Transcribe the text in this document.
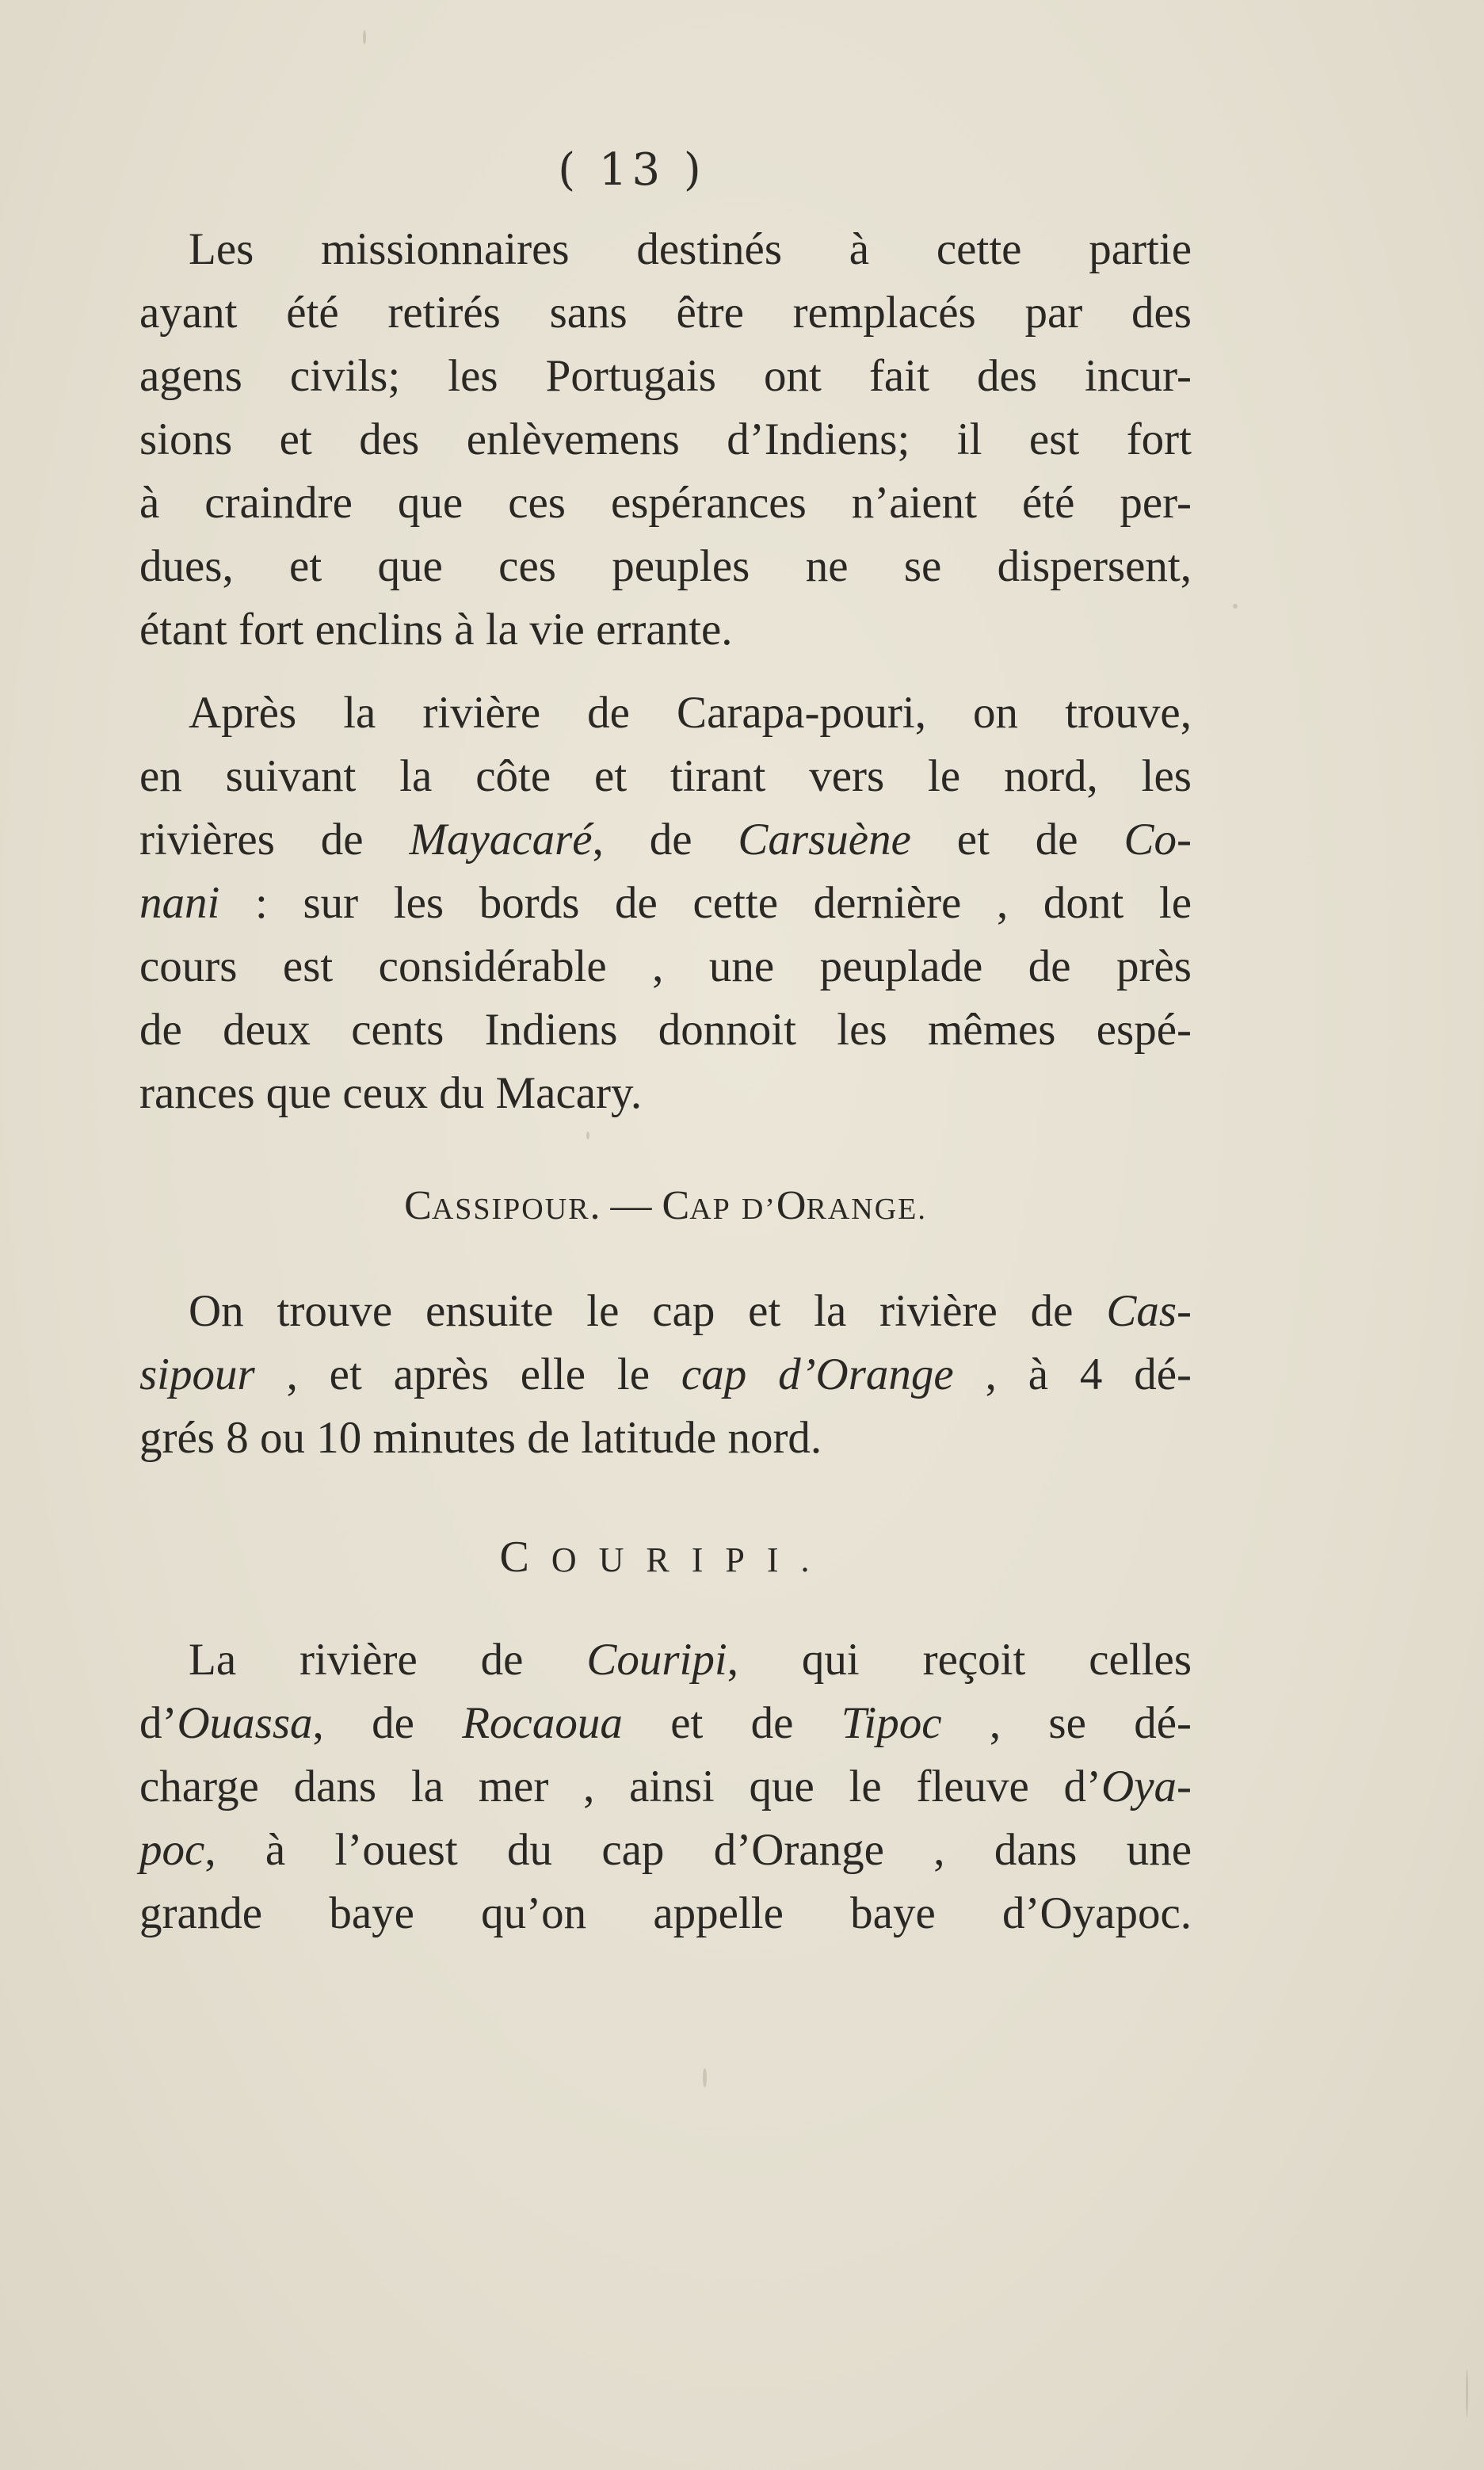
( 13 )
Les missionnaires destinés à cette partie
ayant été retirés sans être remplacés par des
agens civils; les Portugais ont fait des incur-
sions et des enlèvemens d’Indiens; il est fort
à craindre que ces espérances n’aient été per-
dues, et que ces peuples ne se dispersent,
étant fort enclins à la vie errante.
Après la rivière de Carapa-pouri, on trouve,
en suivant la côte et tirant vers le nord, les
rivières de Mayacaré, de Carsuène et de Co-
nani : sur les bords de cette dernière , dont le
cours est considérable , une peuplade de près
de deux cents Indiens donnoit les mêmes espé-
rances que ceux du Macary.
CASSIPOUR. — CAP D’ORANGE.
On trouve ensuite le cap et la rivière de Cas-
sipour , et après elle le cap d’Orange , à 4 dé-
grés 8 ou 10 minutes de latitude nord.
COURIPI.
La rivière de Couripi, qui reçoit celles
d’Ouassa, de Rocaoua et de Tipoc , se dé-
charge dans la mer , ainsi que le fleuve d’Oya-
poc, à l’ouest du cap d’Orange , dans une
grande baye qu’on appelle baye d’Oyapoc.
